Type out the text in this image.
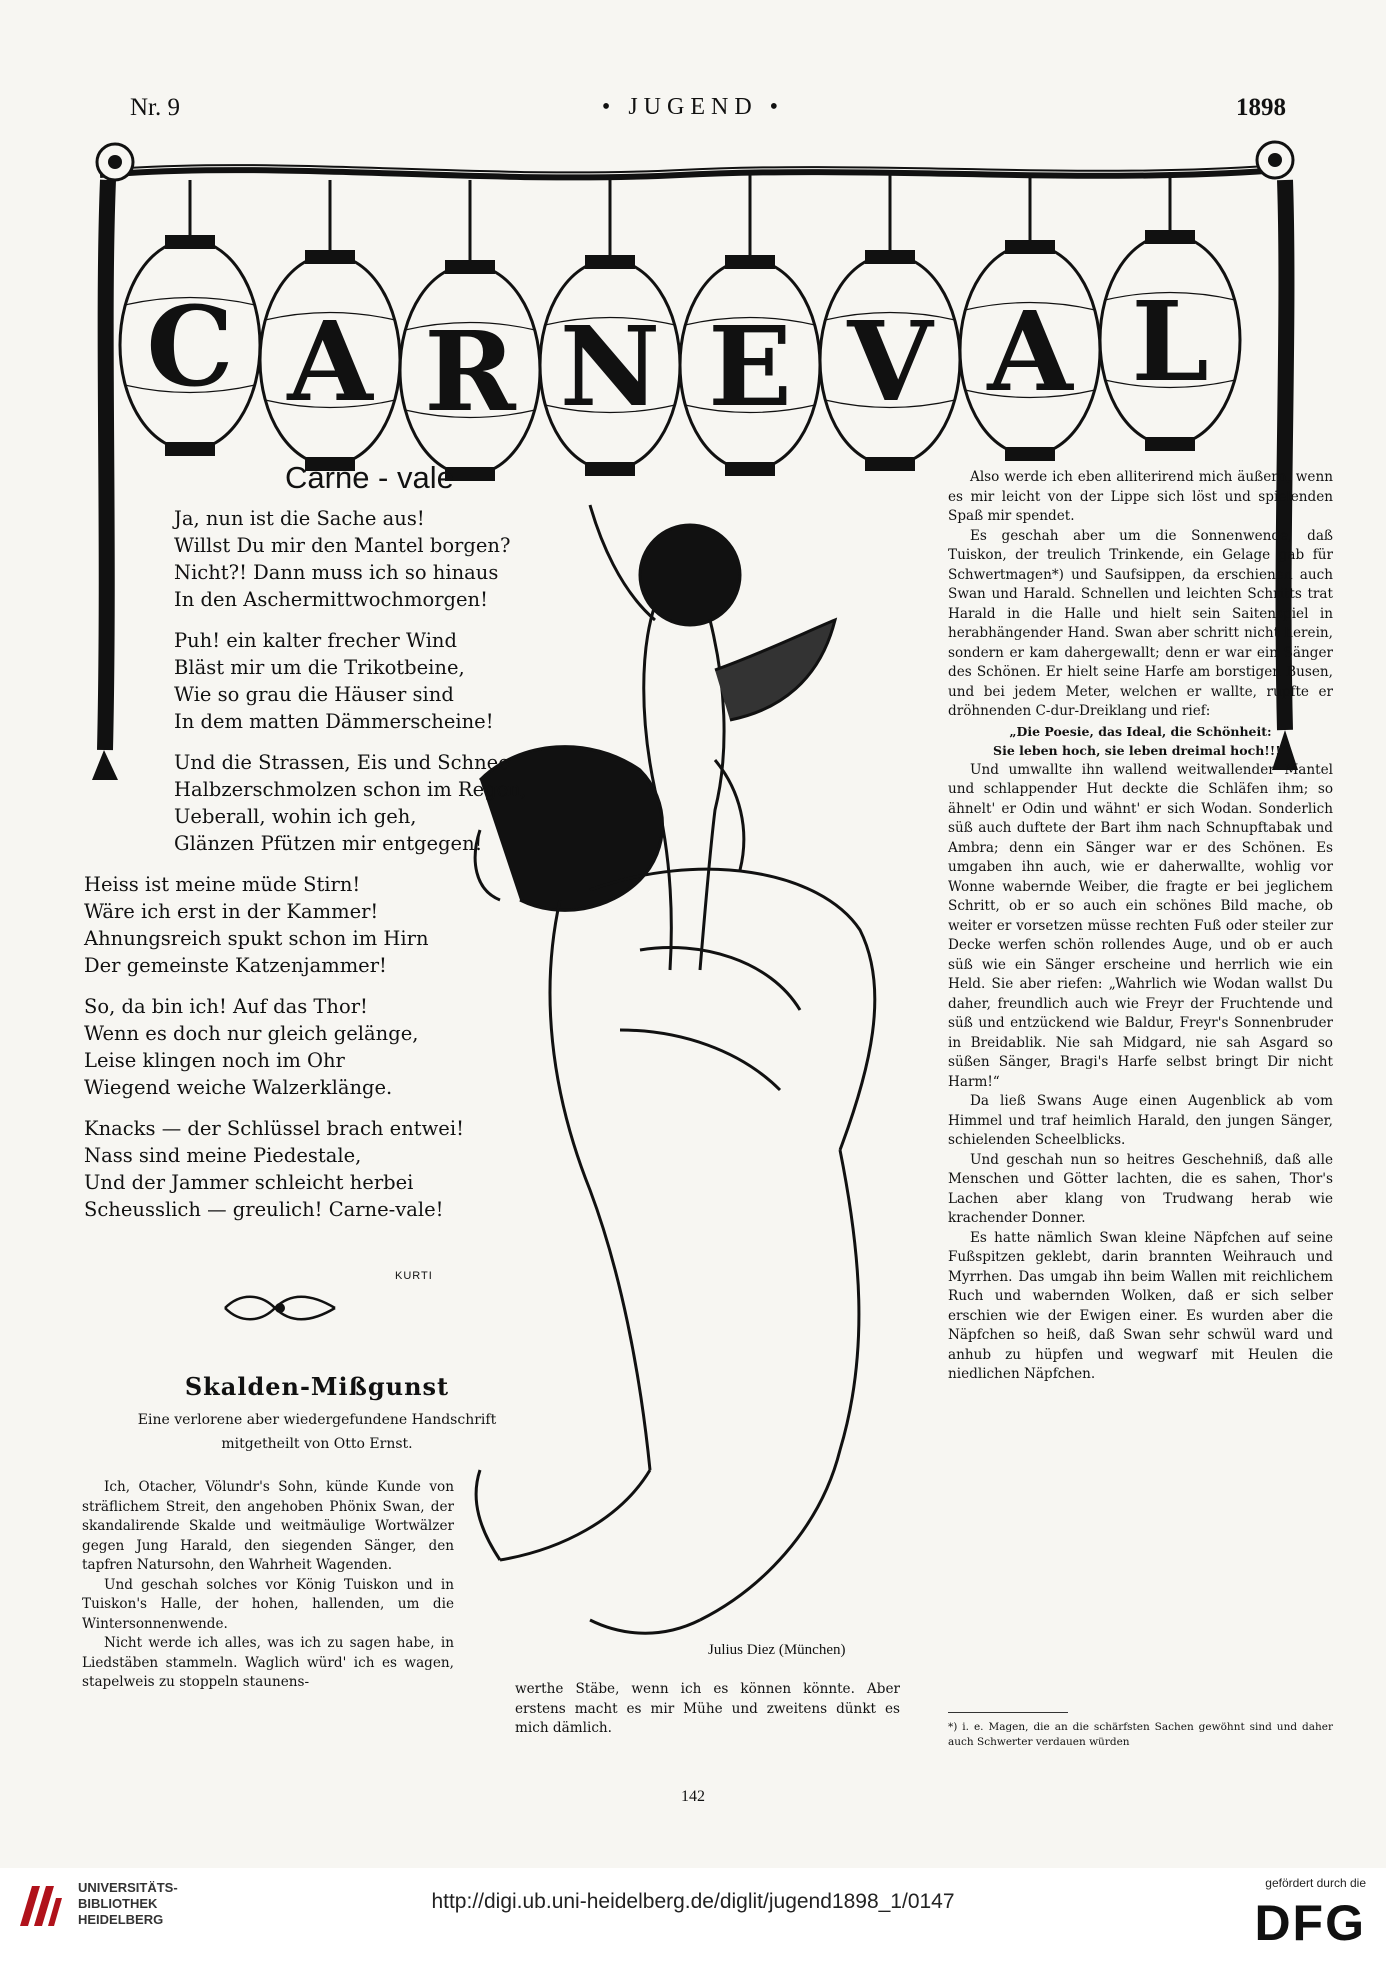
Nr. 9	• JUGEND •	1898
C A R N E V A L
Carne - vale
Ja, nun ist die Sache aus!
Willst Du mir den Mantel borgen?
Nicht?! Dann muss ich so hinaus
In den Aschermittwochmorgen!
Puh! ein kalter frecher Wind
Bläst mir um die Trikotbeine,
Wie so grau die Häuser sind
In dem matten Dämmerscheine!
Und die Strassen, Eis und Schnee
Halbzerschmolzen schon im Regen,
Ueberall, wohin ich geh,
Glänzen Pfützen mir entgegen!
Heiss ist meine müde Stirn!
Wäre ich erst in der Kammer!
Ahnungsreich spukt schon im Hirn
Der gemeinste Katzenjammer!
So, da bin ich! Auf das Thor!
Wenn es doch nur gleich gelänge,
Leise klingen noch im Ohr
Wiegend weiche Walzerklänge.
Knacks — der Schlüssel brach entwei!
Nass sind meine Piedestale,
Und der Jammer schleicht herbei
Scheusslich — greulich! Carne-vale!
KURTI
Skalden-Mißgunst
Eine verlorene aber wiedergefundene Handschrift
mitgetheilt von Otto Ernst.

Ich, Otacher, Völundr's Sohn, künde Kunde von sträflichem Streit, den angehoben Phönix Swan, der skandalirende Skalde und weitmäulige Wortwälzer gegen Jung Harald, den siegenden Sänger, den tapfren Natursohn, den Wahrheit Wagenden.

Und geschah solches vor König Tuiskon und in Tuiskon's Halle, der hohen, hallenden, um die Wintersonnenwende.

Nicht werde ich alles, was ich zu sagen habe, in Liedstäben stammeln. Waglich würd' ich es wagen, stapelweis zu stoppeln staunens-	werthe Stäbe, wenn ich es können könnte. Aber erstens macht es mir Mühe und zweitens dünkt es mich dämlich.

Also werde ich eben alliterirend mich äußern, wenn es mir leicht von der Lippe sich löst und spielenden Spaß mir spendet.

Es geschah aber um die Sonnenwende, daß Tuiskon, der treulich Trinkende, ein Gelage gab für Schwertmagen*) und Saufsippen, da erschienen auch Swan und Harald. Schnellen und leichten Schritts trat Harald in die Halle und hielt sein Saitenspiel in herabhängender Hand. Swan aber schritt nicht herein, sondern er kam dahergewallt; denn er war ein Sänger des Schönen. Er hielt seine Harfe am borstigen Busen, und bei jedem Meter, welchen er wallte, rupfte er dröhnenden C-dur-Dreiklang und rief:

„Die Poesie, das Ideal, die Schönheit:

Sie leben hoch, sie leben dreimal hoch!!!“

Und umwallte ihn wallend weitwallender Mantel und schlappender Hut deckte die Schläfen ihm; so ähnelt' er Odin und wähnt' er sich Wodan. Sonderlich süß auch duftete der Bart ihm nach Schnupftabak und Ambra; denn ein Sänger war er des Schönen. Es umgaben ihn auch, wie er daherwallte, wohlig vor Wonne wabernde Weiber, die fragte er bei jeglichem Schritt, ob er so auch ein schönes Bild mache, ob weiter er vorsetzen müsse rechten Fuß oder steiler zur Decke werfen schön rollendes Auge, und ob er auch süß wie ein Sänger erscheine und herrlich wie ein Held. Sie aber riefen: „Wahrlich wie Wodan wallst Du daher, freundlich auch wie Freyr der Fruchtende und süß und entzückend wie Baldur, Freyr's Sonnenbruder in Breidablik. Nie sah Midgard, nie sah Asgard so süßen Sänger, Bragi's Harfe selbst bringt Dir nicht Harm!“

Da ließ Swans Auge einen Augenblick ab vom Himmel und traf heimlich Harald, den jungen Sänger, schielenden Scheelblicks.

Und geschah nun so heitres Geschehniß, daß alle Menschen und Götter lachten, die es sahen, Thor's Lachen aber klang von Trudwang herab wie krachender Donner.

Es hatte nämlich Swan kleine Näpfchen auf seine Fußspitzen geklebt, darin brannten Weihrauch und Myrrhen. Das umgab ihn beim Wallen mit reichlichem Ruch und wabernden Wolken, daß er sich selber erschien wie der Ewigen einer. Es wurden aber die Näpfchen so heiß, daß Swan sehr schwül ward und anhub zu hüpfen und wegwarf mit Heulen die niedlichen Näpfchen.

Julius Diez (München)
*) i. e. Magen, die an die schärfsten Sachen gewöhnt sind und daher auch Schwerter verdauen würden
142
UNIVERSITÄTS-
BIBLIOTHEK
HEIDELBERG
http://digi.ub.uni-heidelberg.de/diglit/jugend1898_1/0147
gefördert durch die
DFG
